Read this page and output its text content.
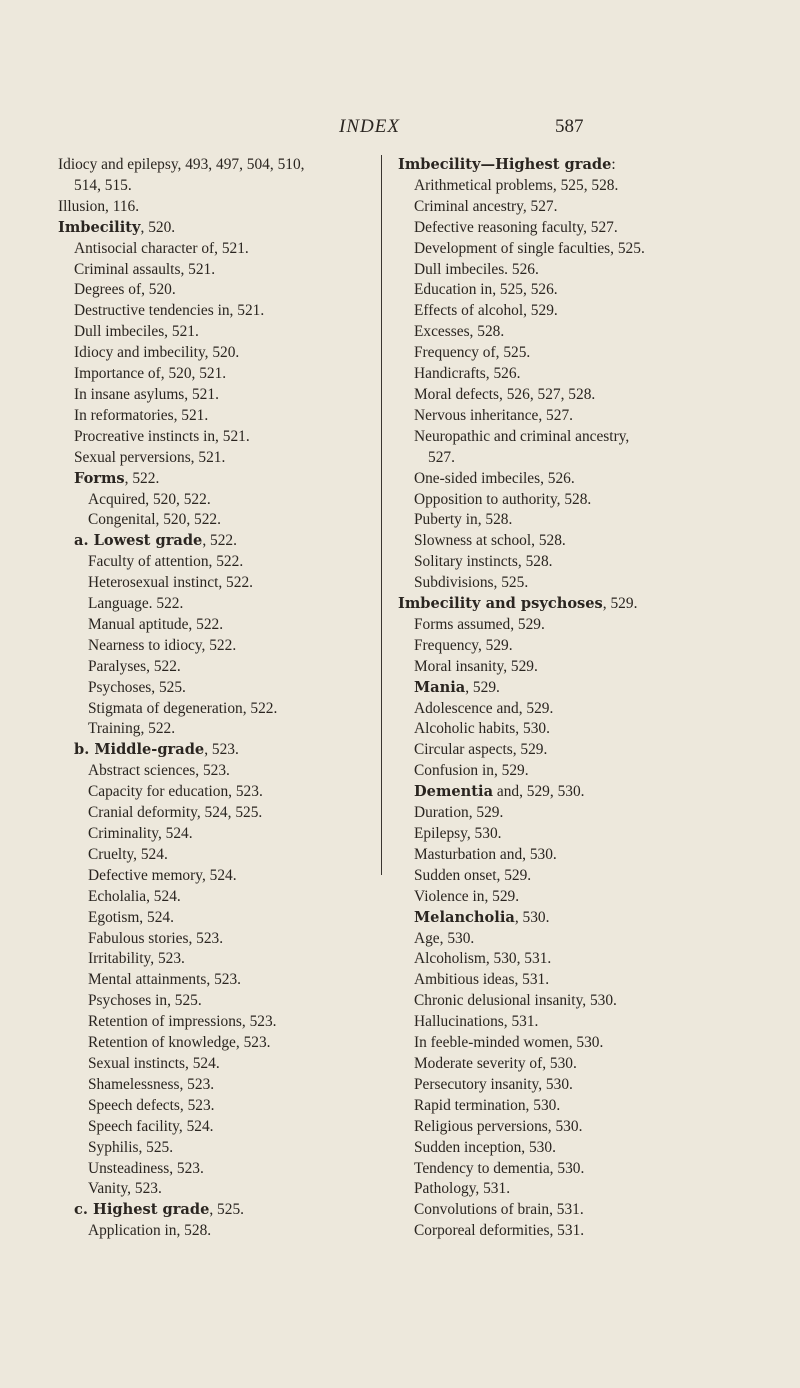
INDEX	587
Idiocy and epilepsy, 493, 497, 504, 510,
514, 515.
Illusion, 116.
Imbecility, 520.
Antisocial character of, 521.
Criminal assaults, 521.
Degrees of, 520.
Destructive tendencies in, 521.
Dull imbeciles, 521.
Idiocy and imbecility, 520.
Importance of, 520, 521.
In insane asylums, 521.
In reformatories, 521.
Procreative instincts in, 521.
Sexual perversions, 521.
Forms, 522.
Acquired, 520, 522.
Congenital, 520, 522.
a. Lowest grade, 522.
Faculty of attention, 522.
Heterosexual instinct, 522.
Language. 522.
Manual aptitude, 522.
Nearness to idiocy, 522.
Paralyses, 522.
Psychoses, 525.
Stigmata of degeneration, 522.
Training, 522.
b. Middle-grade, 523.
Abstract sciences, 523.
Capacity for education, 523.
Cranial deformity, 524, 525.
Criminality, 524.
Cruelty, 524.
Defective memory, 524.
Echolalia, 524.
Egotism, 524.
Fabulous stories, 523.
Irritability, 523.
Mental attainments, 523.
Psychoses in, 525.
Retention of impressions, 523.
Retention of knowledge, 523.
Sexual instincts, 524.
Shamelessness, 523.
Speech defects, 523.
Speech facility, 524.
Syphilis, 525.
Unsteadiness, 523.
Vanity, 523.
c. Highest grade, 525.
Application in, 528.
Imbecility—Highest grade:
Arithmetical problems, 525, 528.
Criminal ancestry, 527.
Defective reasoning faculty, 527.
Development of single faculties, 525.
Dull imbeciles. 526.
Education in, 525, 526.
Effects of alcohol, 529.
Excesses, 528.
Frequency of, 525.
Handicrafts, 526.
Moral defects, 526, 527, 528.
Nervous inheritance, 527.
Neuropathic and criminal ancestry,
527.
One-sided imbeciles, 526.
Opposition to authority, 528.
Puberty in, 528.
Slowness at school, 528.
Solitary instincts, 528.
Subdivisions, 525.
Imbecility and psychoses, 529.
Forms assumed, 529.
Frequency, 529.
Moral insanity, 529.
Mania, 529.
Adolescence and, 529.
Alcoholic habits, 530.
Circular aspects, 529.
Confusion in, 529.
Dementia and, 529, 530.
Duration, 529.
Epilepsy, 530.
Masturbation and, 530.
Sudden onset, 529.
Violence in, 529.
Melancholia, 530.
Age, 530.
Alcoholism, 530, 531.
Ambitious ideas, 531.
Chronic delusional insanity, 530.
Hallucinations, 531.
In feeble-minded women, 530.
Moderate severity of, 530.
Persecutory insanity, 530.
Rapid termination, 530.
Religious perversions, 530.
Sudden inception, 530.
Tendency to dementia, 530.
Pathology, 531.
Convolutions of brain, 531.
Corporeal deformities, 531.
